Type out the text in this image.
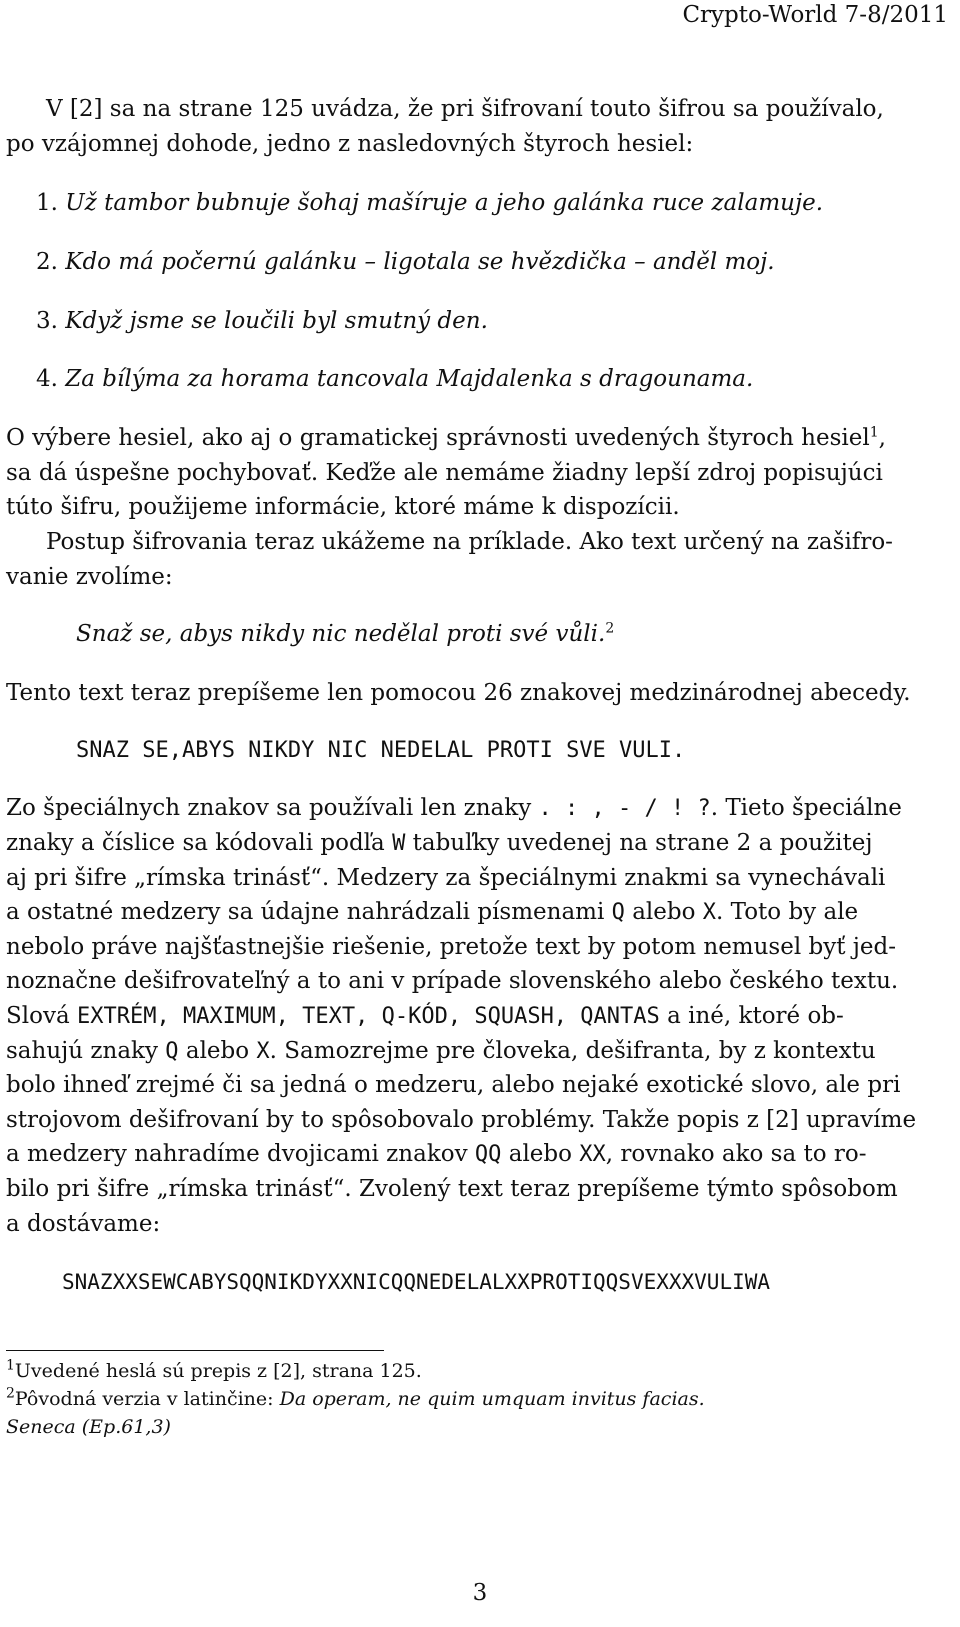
Crypto-World 7-8/2011
V [2] sa na strane 125 uvádza, že pri šifrovaní touto šifrou sa používalo,
po vzájomnej dohode, jedno z nasledovných štyroch hesiel:
1. Už tambor bubnuje šohaj mašíruje a jeho galánka ruce zalamuje.
2. Kdo má počernú galánku – ligotala se hvězdička – anděl moj.
3. Když jsme se loučili byl smutný den.
4. Za bílýma za horama tancovala Majdalenka s dragounama.
O výbere hesiel, ako aj o gramatickej správnosti uvedených štyroch hesiel$^1$,
sa dá úspešne pochybovať. Keďže ale nemáme žiadny lepší zdroj popisujúci
túto šifru, použijeme informácie, ktoré máme k dispozícii.
Postup šifrovania teraz ukážeme na príklade. Ako text určený na zašifro-
vanie zvolíme:
Snaž se, abys nikdy nic nedělal proti své vůli.$^2$
Tento text teraz prepíšeme len pomocou 26 znakovej medzinárodnej abecedy.
SNAZ SE,ABYS NIKDY NIC NEDELAL PROTI SVE VULI.
Zo špeciálnych znakov sa používali len znaky . : , - / ! ?. Tieto špeciálne
znaky a číslice sa kódovali podľa W tabuľky uvedenej na strane 2 a použitej
aj pri šifre „rímska trinásť“. Medzery za špeciálnymi znakmi sa vynechávali
a ostatné medzery sa údajne nahrádzali písmenami Q alebo X. Toto by ale
nebolo práve najšťastnejšie riešenie, pretože text by potom nemusel byť jed-
noznačne dešifrovateľný a to ani v prípade slovenského alebo českého textu.
Slová EXTRÉM, MAXIMUM, TEXT, Q-KÓD, SQUASH, QANTAS a iné, ktoré ob-
sahujú znaky Q alebo X. Samozrejme pre človeka, dešifranta, by z kontextu
bolo ihneď zrejmé či sa jedná o medzeru, alebo nejaké exotické slovo, ale pri
strojovom dešifrovaní by to spôsobovalo problémy. Takže popis z [2] upravíme
a medzery nahradíme dvojicami znakov QQ alebo XX, rovnako ako sa to ro-
bilo pri šifre „rímska trinásť“. Zvolený text teraz prepíšeme týmto spôsobom
a dostávame:
SNAZXXSEWCABYSQQNIKDYXXNICQQNEDELALXXPROTIQQSVEXXXVULIWA
$^1$Uvedené heslá sú prepis z [2], strana 125.
$^2$Pôvodná verzia v latinčine: Da operam, ne quim umquam invitus facias.
Seneca (Ep.61,3)
3
